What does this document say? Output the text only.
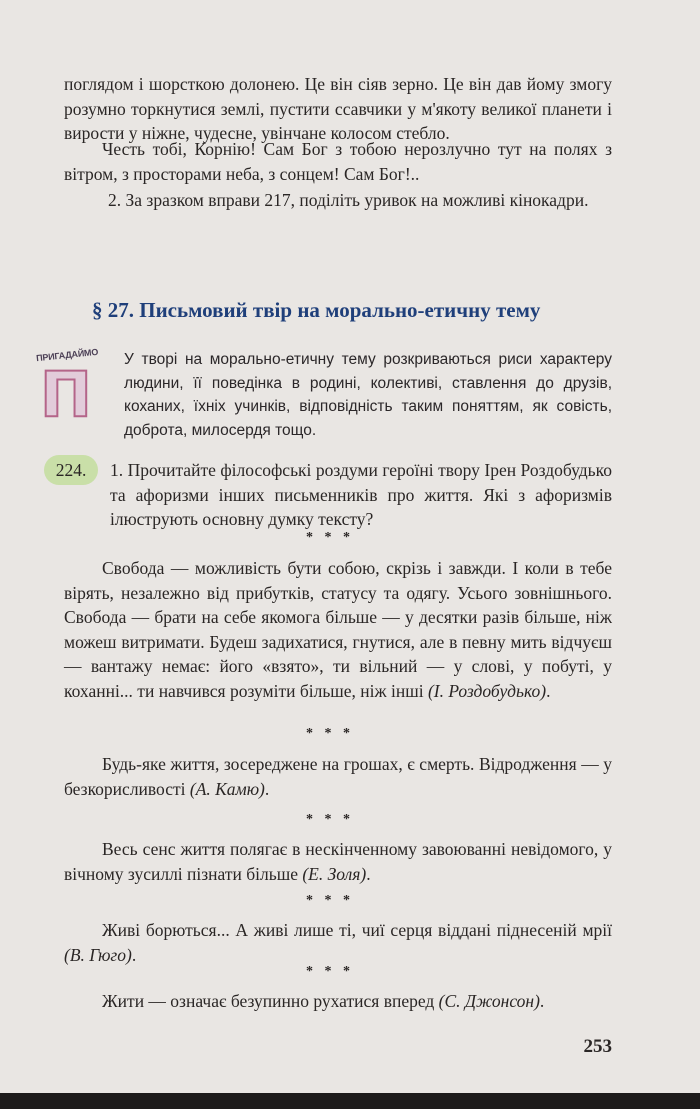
поглядом і шорсткою долонею. Це він сіяв зерно. Це він дав йому змогу розумно торкнутися землі, пустити ссавчики у м'якоту великої планети і вирости у ніжне, чудесне, увінчане колосом стебло.

Честь тобі, Корнію! Сам Бог з тобою нерозлучно тут на полях з вітром, з просторами неба, з сонцем! Сам Бог!..

2. За зразком вправи 217, поділіть уривок на можливі кінокадри.

§ 27. Письмовий твір на морально-етичну тему
ПРИГАДАЙМО
П У творі на морально-етичну тему розкриваються риси характеру людини, її поведінка в родині, колективі, ставлення до друзів, коханих, їхніх учинків, відповідність таким поняттям, як совість, доброта, милосердя тощо.

224.	1. Прочитайте філософські роздуми героїні твору Ірен Роздобудько та афоризми інших письменників про життя. Які з афоризмів ілюструють основну думку тексту?

* * *

Свобода — можливість бути собою, скрізь і завжди. І коли в тебе вірять, незалежно від прибутків, статусу та одягу. Усього зовнішнього. Свобода — брати на себе якомога більше — у десятки разів більше, ніж можеш витримати. Будеш задихатися, гнутися, але в певну мить відчуєш — вантажу немає: його «взято», ти вільний — у слові, у побуті, у коханні... ти навчився розуміти більше, ніж інші (І. Роздобудько).

* * *

Будь-яке життя, зосереджене на грошах, є смерть. Відродження — у безкорисливості (А. Камю).

* * *

Весь сенс життя полягає в нескінченному завоюванні невідомого, у вічному зусиллі пізнати більше (Е. Золя).

* * *

Живі борються... А живі лише ті, чиї серця віддані піднесеній мрії (В. Гюго).

* * *

Жити — означає безупинно рухатися вперед (С. Джонсон).

253
